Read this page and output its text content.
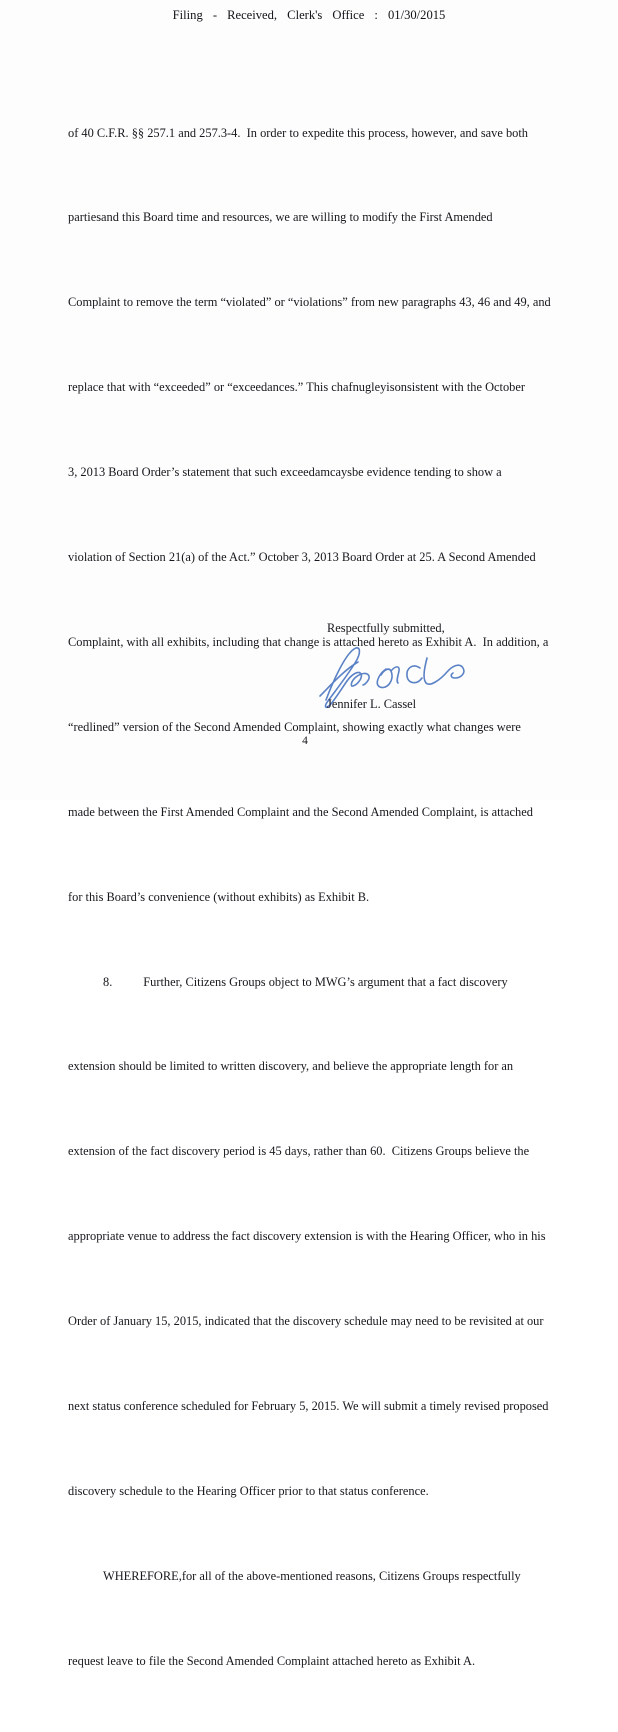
Filing - Received, Clerk's Office : 01/30/2015

of 40 C.F.R. §§ 257.1 and 257.3-4.  In order to expedite this process, however, and save both

partiesand this Board time and resources, we are willing to modify the First Amended

Complaint to remove the term “violated” or “violations” from new paragraphs 43, 46 and 49, and

replace that with “exceeded” or “exceedances.” This chafnugleyisonsistent with the October

3, 2013 Board Order’s statement that such exceedamcaysbe evidence tending to show a

violation of Section 21(a) of the Act.” October 3, 2013 Board Order at 25. A Second Amended

Complaint, with all exhibits, including that change is attached hereto as Exhibit A.  In addition, a

“redlined” version of the Second Amended Complaint, showing exactly what changes were

made between the First Amended Complaint and the Second Amended Complaint, is attached

for this Board’s convenience (without exhibits) as Exhibit B.

8.          Further, Citizens Groups object to MWG’s argument that a fact discovery

extension should be limited to written discovery, and believe the appropriate length for an

extension of the fact discovery period is 45 days, rather than 60.  Citizens Groups believe the

appropriate venue to address the fact discovery extension is with the Hearing Officer, who in his

Order of January 15, 2015, indicated that the discovery schedule may need to be revisited at our

next status conference scheduled for February 5, 2015. We will submit a timely revised proposed

discovery schedule to the Hearing Officer prior to that status conference.

WHEREFORE,for all of the above-mentioned reasons, Citizens Groups respectfully

request leave to file the Second Amended Complaint attached hereto as Exhibit A.

Respectfully submitted,
Jennifer L. Cassel
4
